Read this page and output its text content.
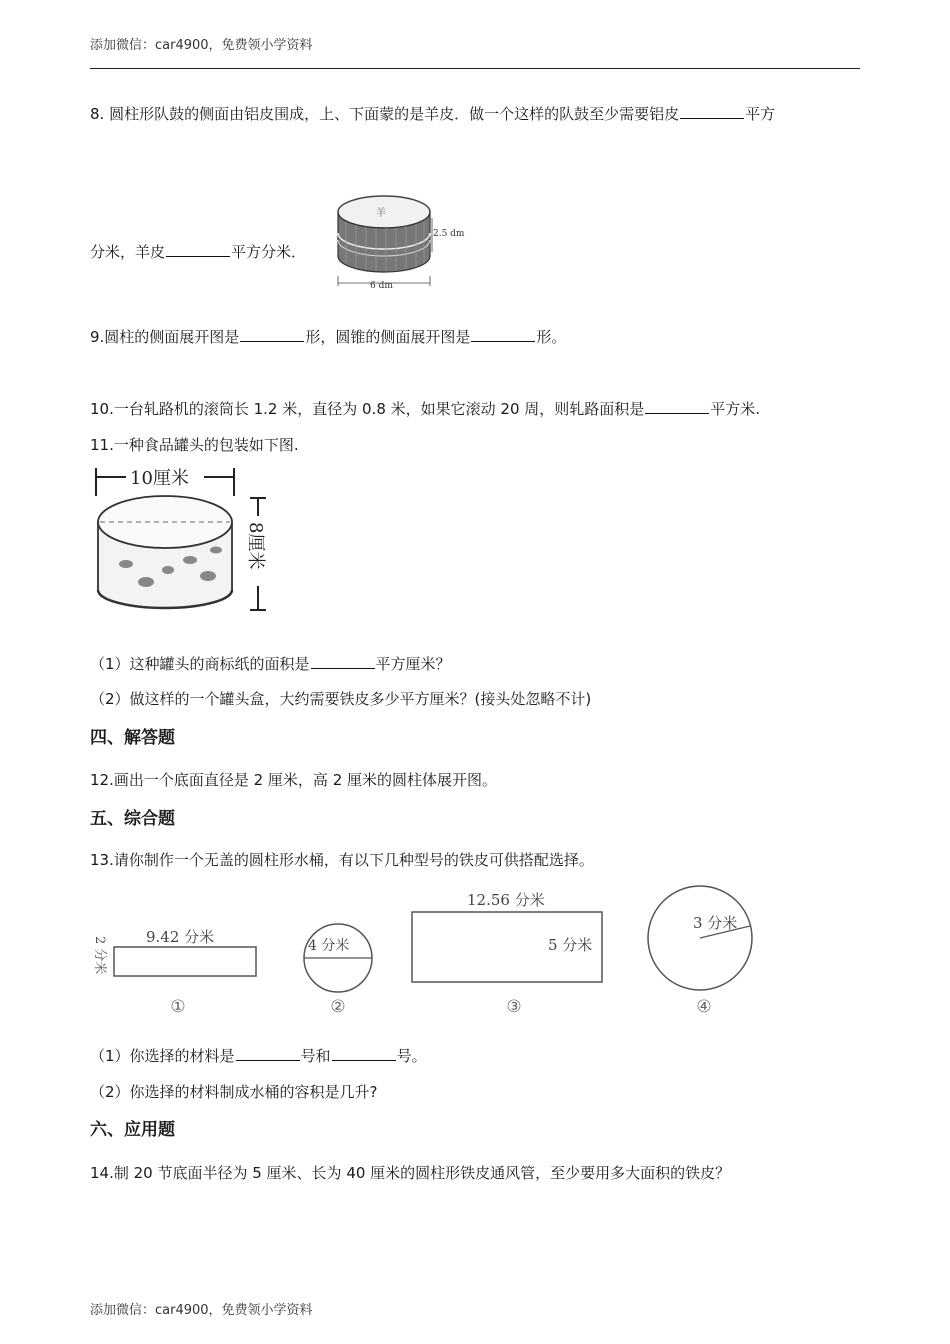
添加微信：car4900，免费领小学资料
8. 圆柱形队鼓的侧面由铝皮围成，上、下面蒙的是羊皮．做一个这样的队鼓至少需要铝皮	平方
分米，羊皮	平方分米．
羊
2.5 dm
6 dm
9.圆柱的侧面展开图是	形，圆锥的侧面展开图是	形。
10.一台轧路机的滚筒长 1.2 米，直径为 0.8 米，如果它滚动 20 周，则轧路面积是	平方米.
11.一种食品罐头的包装如下图.
10厘米
8厘米
（1）这种罐头的商标纸的面积是	平方厘米？
（2）做这样的一个罐头盒，大约需要铁皮多少平方厘米？(接头处忽略不计)
四、解答题
12.画出一个底面直径是 2 厘米，高 2 厘米的圆柱体展开图。
五、综合题
13.请你制作一个无盖的圆柱形水桶，有以下几种型号的铁皮可供搭配选择。
9.42 分米
2 分米
①
4 分米
②
12.56 分米
5 分米
③
3 分米
④
（1）你选择的材料是	号和	号。
（2）你选择的材料制成水桶的容积是几升?
六、应用题
14.制 20 节底面半径为 5 厘米、长为 40 厘米的圆柱形铁皮通风管，至少要用多大面积的铁皮？
添加微信：car4900，免费领小学资料
